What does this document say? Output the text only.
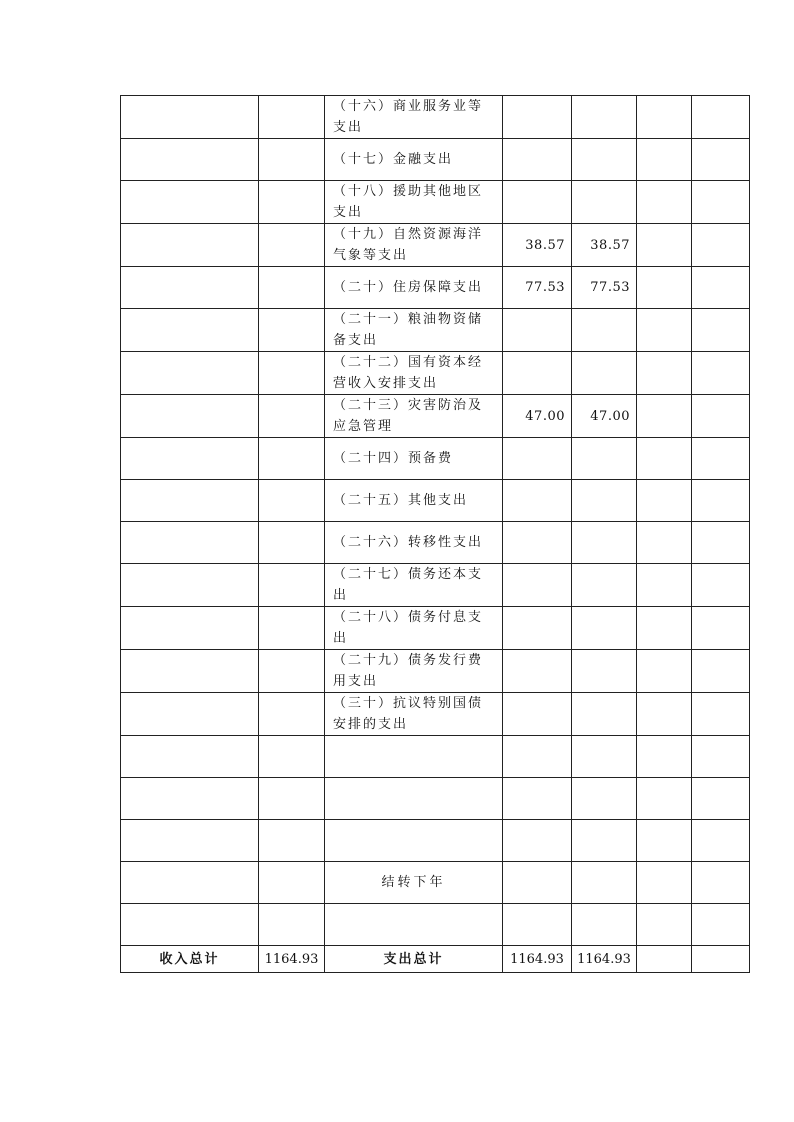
		（十六）商业服务业等支出				
		（十七）金融支出				
		（十八）援助其他地区支出				
		（十九）自然资源海洋气象等支出	38.57	38.57		
		（二十）住房保障支出	77.53	77.53		
		（二十一）粮油物资储备支出				
		（二十二）国有资本经营收入安排支出				
		（二十三）灾害防治及应急管理	47.00	47.00		
		（二十四）预备费				
		（二十五）其他支出				
		（二十六）转移性支出				
		（二十七）债务还本支出				
		（二十八）债务付息支出				
		（二十九）债务发行费用支出				
		（三十）抗议特别国债安排的支出				

		结转下年				

收入总计	1164.93	支出总计	1164.93	1164.93		
